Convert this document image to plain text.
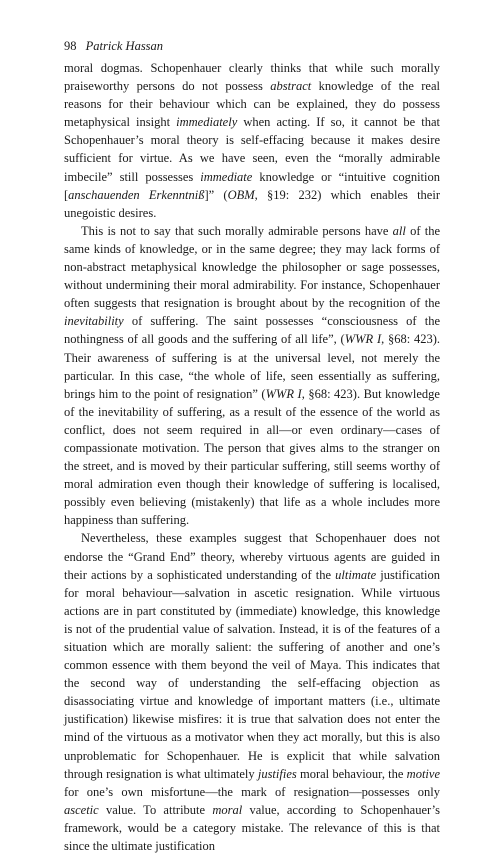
98 Patrick Hassan

moral dogmas. Schopenhauer clearly thinks that while such morally praiseworthy persons do not possess abstract knowledge of the real reasons for their behaviour which can be explained, they do possess metaphysical insight immediately when acting. If so, it cannot be that Schopenhauer’s moral theory is self-effacing because it makes desire sufficient for virtue. As we have seen, even the “morally admirable imbecile” still possesses immediate knowledge or “intuitive cognition [anschauenden Erkenntniß]” (OBM, §19: 232) which enables their unegoistic desires.

This is not to say that such morally admirable persons have all of the same kinds of knowledge, or in the same degree; they may lack forms of non-abstract metaphysical knowledge the philosopher or sage possesses, without undermining their moral admirability. For instance, Schopenhauer often suggests that resignation is brought about by the recognition of the inevitability of suffering. The saint possesses “consciousness of the nothingness of all goods and the suffering of all life”, (WWR I, §68: 423). Their awareness of suffering is at the universal level, not merely the particular. In this case, “the whole of life, seen essentially as suffering, brings him to the point of resignation” (WWR I, §68: 423). But knowledge of the inevitability of suffering, as a result of the essence of the world as conflict, does not seem required in all—or even ordinary—cases of compassionate motivation. The person that gives alms to the stranger on the street, and is moved by their particular suffering, still seems worthy of moral admiration even though their knowledge of suffering is localised, possibly even believing (mistakenly) that life as a whole includes more happiness than suffering.

Nevertheless, these examples suggest that Schopenhauer does not endorse the “Grand End” theory, whereby virtuous agents are guided in their actions by a sophisticated understanding of the ultimate justification for moral behaviour—salvation in ascetic resignation. While virtuous actions are in part constituted by (immediate) knowledge, this knowledge is not of the prudential value of salvation. Instead, it is of the features of a situation which are morally salient: the suffering of another and one’s common essence with them beyond the veil of Maya. This indicates that the second way of understanding the self-effacing objection as disassociating virtue and knowledge of important matters (i.e., ultimate justification) likewise misfires: it is true that salvation does not enter the mind of the virtuous as a motivator when they act morally, but this is also unproblematic for Schopenhauer. He is explicit that while salvation through resignation is what ultimately justifies moral behaviour, the motive for one’s own misfortune—the mark of resignation—possesses only ascetic value. To attribute moral value, according to Schopenhauer’s framework, would be a category mistake. The relevance of this is that since the ultimate justification
